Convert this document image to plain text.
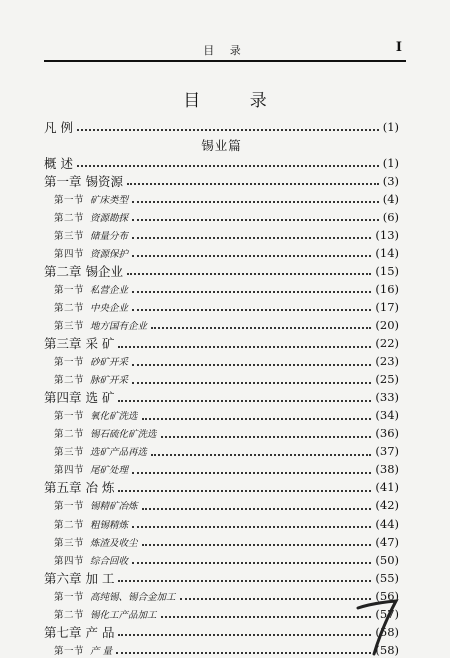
目 录	I
目 录
凡 例	(1)
锡业篇
概 述	(1)
第一章 锡资源	(3)
第一节 矿床类型	(4)
第二节 资源勘探	(6)
第三节 储量分布	(13)
第四节 资源保护	(14)
第二章 锡企业	(15)
第一节 私营企业	(16)
第二节 中央企业	(17)
第三节 地方国有企业	(20)
第三章 采 矿	(22)
第一节 砂矿开采	(23)
第二节 脉矿开采	(25)
第四章 选 矿	(33)
第一节 氧化矿洗选	(34)
第二节 锡石硫化矿洗选	(36)
第三节 选矿产品再选	(37)
第四节 尾矿处理	(38)
第五章 冶 炼	(41)
第一节 锡精矿冶炼	(42)
第二节 粗锡精炼	(44)
第三节 炼渣及收尘	(47)
第四节 综合回收	(50)
第六章 加 工	(55)
第一节 高纯锡、锡合金加工	(56)
第二节 锡化工产品加工	(57)
第七章 产 品	(58)
第一节 产 量	(58)
